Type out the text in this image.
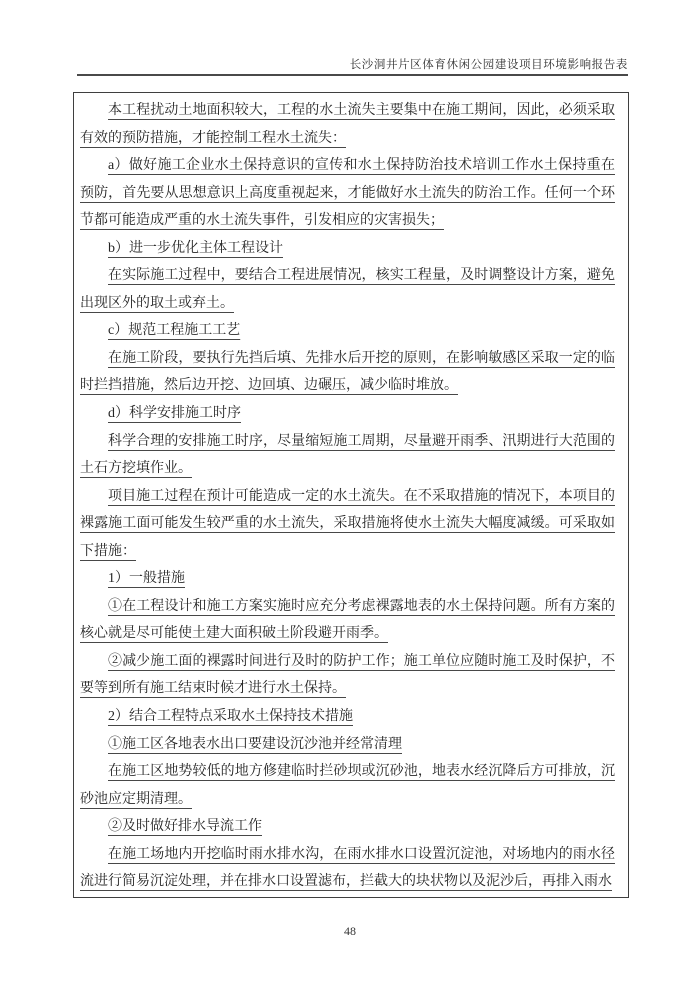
长沙洞井片区体育休闲公园建设项目环境影响报告表

本工程扰动土地面积较大，工程的水土流失主要集中在施工期间，因此，必须采取有效的预防措施，才能控制工程水土流失：

a）做好施工企业水土保持意识的宣传和水土保持防治技术培训工作水土保持重在预防，首先要从思想意识上高度重视起来，才能做好水土流失的防治工作。任何一个环节都可能造成严重的水土流失事件，引发相应的灾害损失；

b）进一步优化主体工程设计

在实际施工过程中，要结合工程进展情况，核实工程量，及时调整设计方案，避免出现区外的取土或弃土。

c）规范工程施工工艺

在施工阶段，要执行先挡后填、先排水后开挖的原则，在影响敏感区采取一定的临时拦挡措施，然后边开挖、边回填、边碾压，减少临时堆放。

d）科学安排施工时序

科学合理的安排施工时序，尽量缩短施工周期，尽量避开雨季、汛期进行大范围的土石方挖填作业。

项目施工过程在预计可能造成一定的水土流失。在不采取措施的情况下，本项目的裸露施工面可能发生较严重的水土流失，采取措施将使水土流失大幅度减缓。可采取如下措施：

1）一般措施

①在工程设计和施工方案实施时应充分考虑裸露地表的水土保持问题。所有方案的核心就是尽可能使土建大面积破土阶段避开雨季。

②减少施工面的裸露时间进行及时的防护工作；施工单位应随时施工及时保护，不要等到所有施工结束时候才进行水土保持。

2）结合工程特点采取水土保持技术措施

①施工区各地表水出口要建设沉沙池并经常清理

在施工区地势较低的地方修建临时拦砂坝或沉砂池，地表水经沉降后方可排放，沉砂池应定期清理。

②及时做好排水导流工作

在施工场地内开挖临时雨水排水沟，在雨水排水口设置沉淀池，对场地内的雨水径流进行简易沉淀处理，并在排水口设置滤布，拦截大的块状物以及泥沙后，再排入雨水

48
